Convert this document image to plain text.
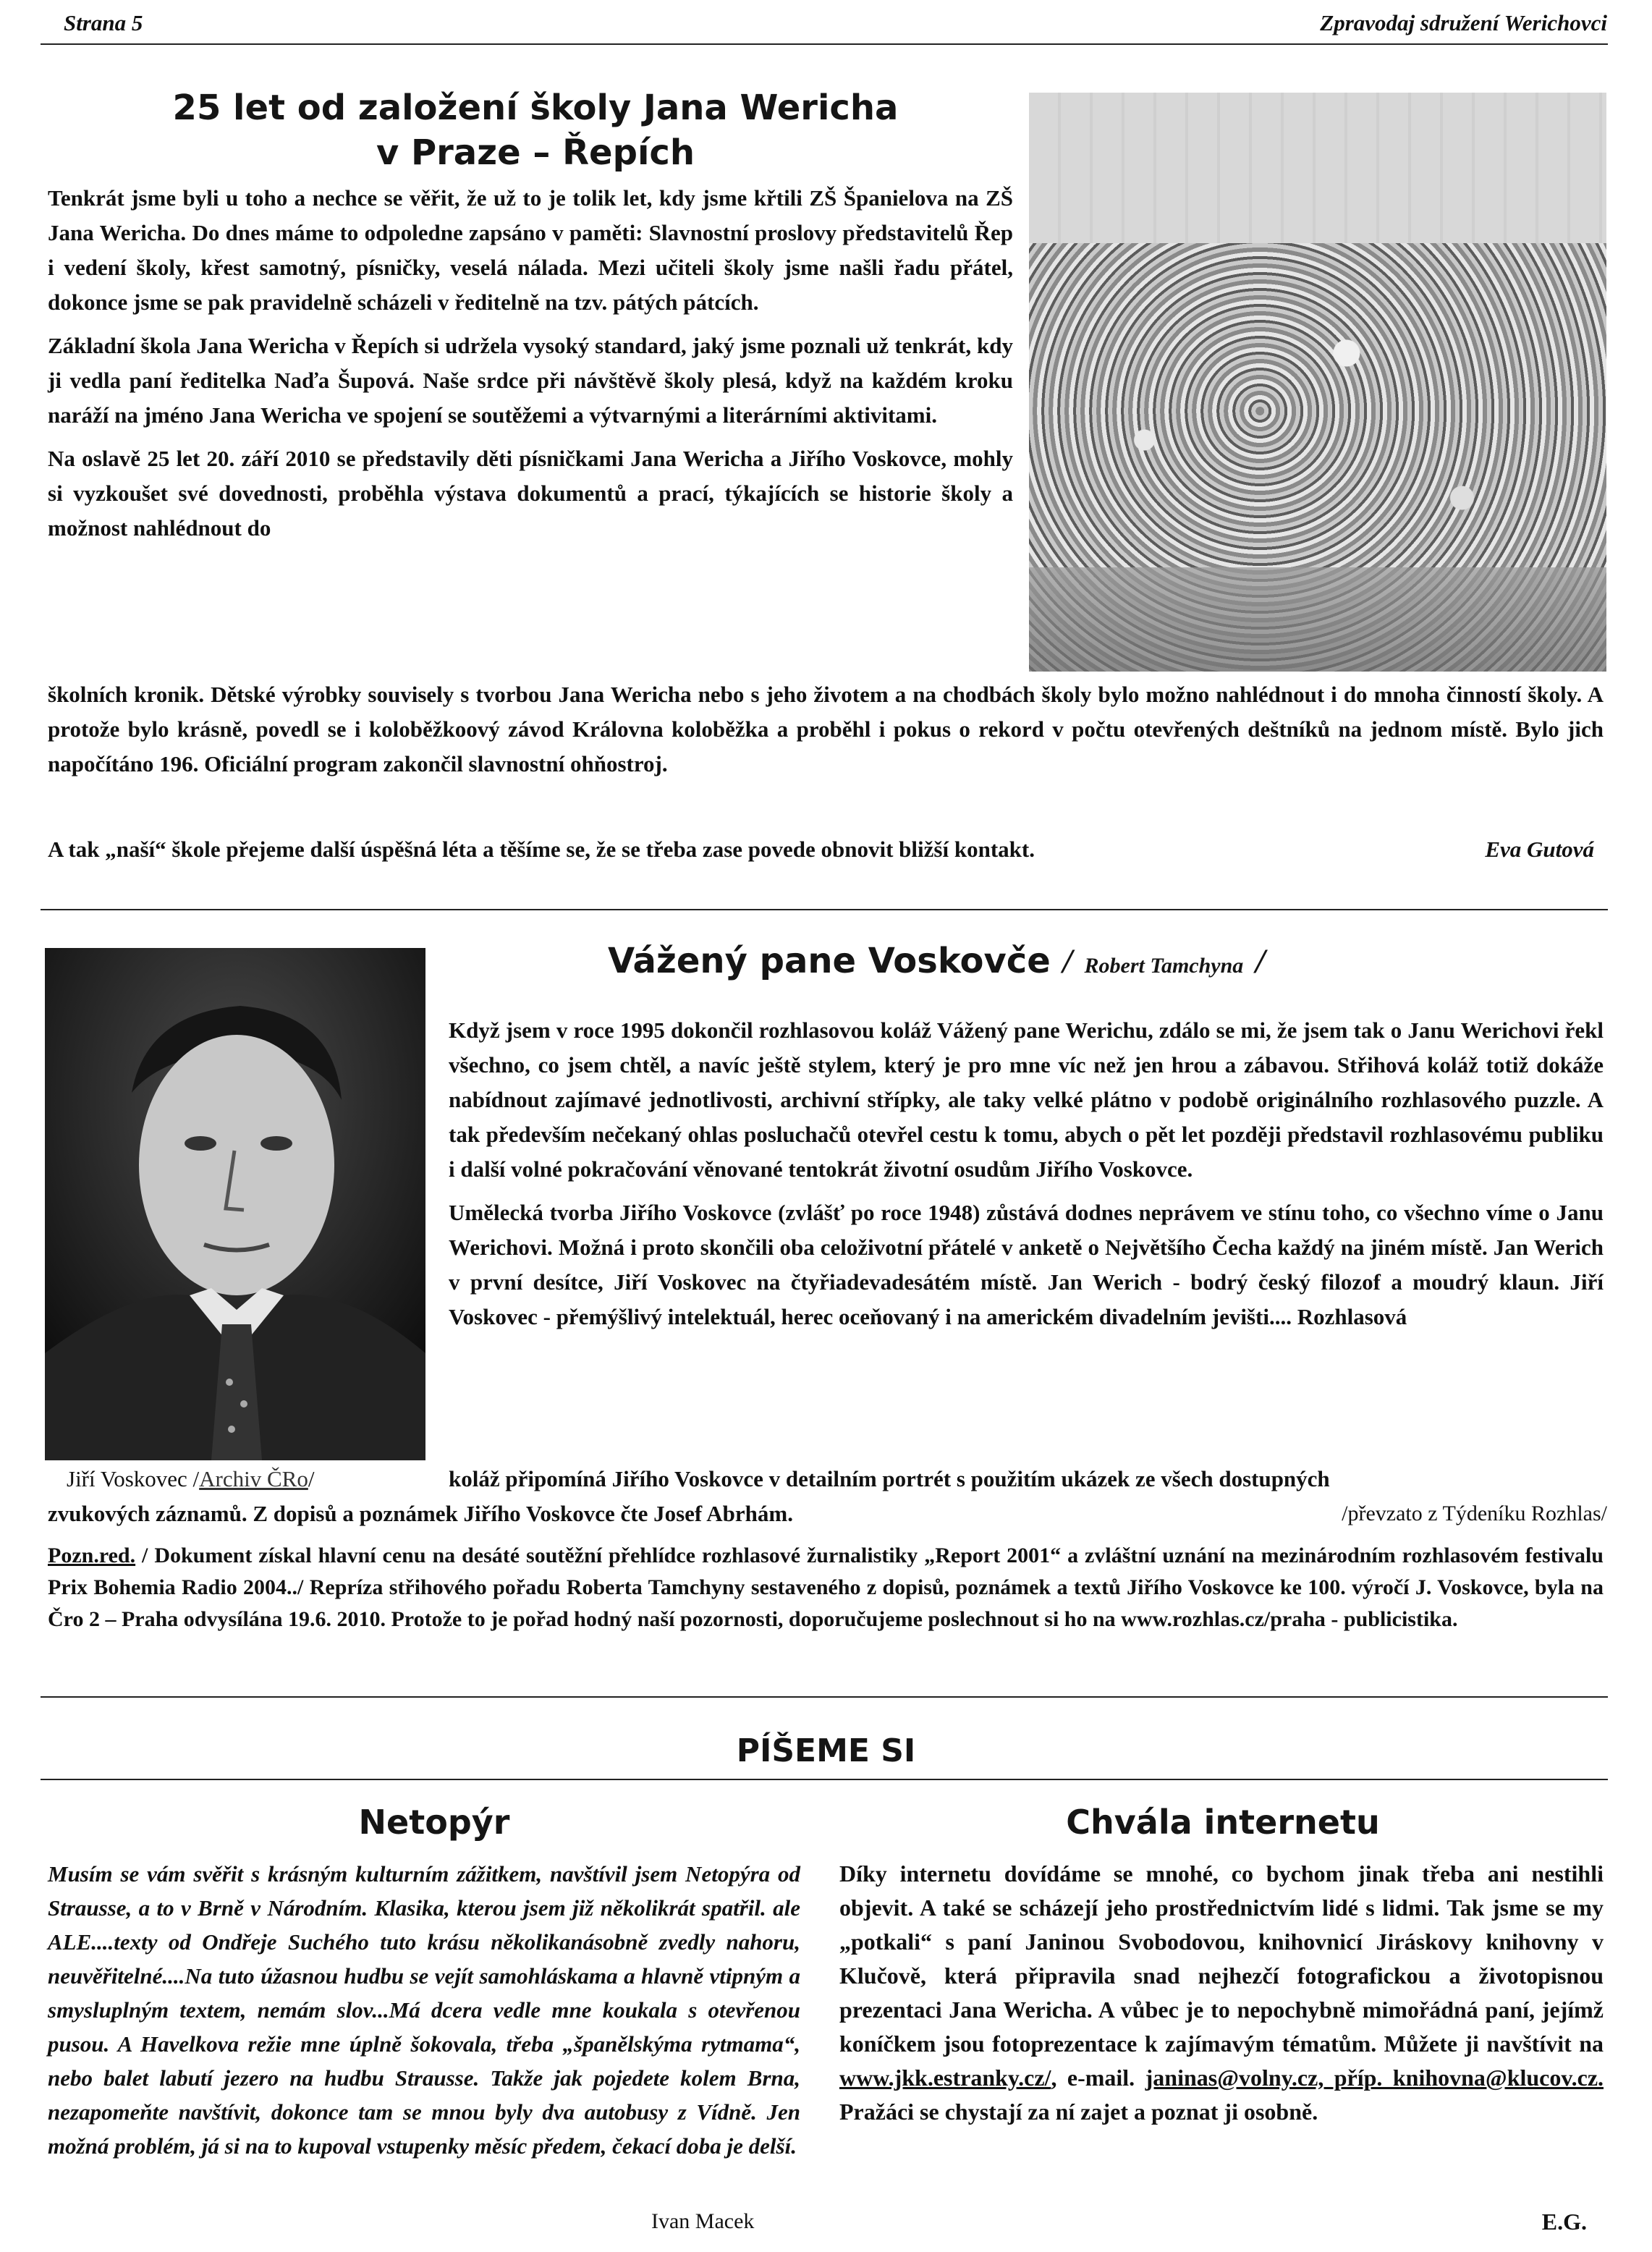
Strana 5	Zpravodaj sdružení Werichovci
25 let od založení školy Jana Wericha
v Praze – Řepích

Tenkrát jsme byli u toho a nechce se věřit, že už to je tolik let, kdy jsme křtili ZŠ Španielova na ZŠ Jana Wericha. Do dnes máme to odpoledne zapsáno v paměti: Slavnostní proslovy představitelů Řep i vedení školy, křest samotný, písničky, veselá nálada. Mezi učiteli školy jsme našli řadu přátel, dokonce jsme se pak pravidelně scházeli v ředitelně na tzv. pátých pátcích.

Základní škola Jana Wericha v Řepích si udržela vysoký standard, jaký jsme poznali už tenkrát, kdy ji vedla paní ředitelka Naďa Šupová. Naše srdce při návštěvě školy plesá, když na každém kroku naráží na jméno Jana Wericha ve spojení se soutěžemi a výtvarnými a literárními aktivitami.

Na oslavě 25 let 20. září 2010 se představily děti písničkami Jana Wericha a Jiřího Voskovce, mohly si vyzkoušet své dovednosti, proběhla výstava dokumentů a prací, týkajících se historie školy a možnost nahlédnout do

školních kronik. Dětské výrobky souvisely s tvorbou Jana Wericha nebo s jeho životem a na chodbách školy bylo možno nahlédnout i do mnoha činností školy. A protože bylo krásně, povedl se i koloběžkoový závod Královna koloběžka a proběhl i pokus o rekord v počtu otevřených deštníků na jednom místě. Bylo jich napočítáno 196. Oficiální program zakončil slavnostní ohňostroj.

A tak „naší“ škole přejeme další úspěšná léta a těšíme se, že se třeba zase povede obnovit bližší kontakt.	Eva Gutová
Vážený pane Voskovče / Robert Tamchyna /

Když jsem v roce 1995 dokončil rozhlasovou koláž Vážený pane Werichu, zdálo se mi, že jsem tak o Janu Werichovi řekl všechno, co jsem chtěl, a navíc ještě stylem, který je pro mne víc než jen hrou a zábavou. Střihová koláž totiž dokáže nabídnout zajímavé jednotlivosti, archivní střípky, ale taky velké plátno v podobě originálního rozhlasového puzzle. A tak především nečekaný ohlas posluchačů otevřel cestu k tomu, abych o pět let později představil rozhlasovému publiku i další volné pokračování věnované tentokrát životní osudům Jiřího Voskovce.

Umělecká tvorba Jiřího Voskovce (zvlášť po roce 1948) zůstává dodnes neprávem ve stínu toho, co všechno víme o Janu Werichovi. Možná i proto skončili oba celoživotní přátelé v anketě o Největšího Čecha každý na jiném místě. Jan Werich v první desítce, Jiří Voskovec na čtyřiadevadesátém místě. Jan Werich - bodrý český filozof a moudrý klaun. Jiří Voskovec - přemýšlivý intelektuál, herec oceňovaný i na americkém divadelním jevišti.... Rozhlasová

Jiří Voskovec /Archiv ČRo/	koláž připomíná Jiřího Voskovce v detailním portrét s použitím ukázek ze všech dostupných
zvukových záznamů. Z dopisů a poznámek Jiřího Voskovce čte Josef Abrhám.	/převzato z Týdeníku Rozhlas/
Pozn.red. / Dokument získal hlavní cenu na desáté soutěžní přehlídce rozhlasové žurnalistiky „Report 2001“ a zvláštní uznání na mezinárodním rozhlasovém festivalu Prix Bohemia Radio 2004../ Repríza střihového pořadu Roberta Tamchyny sestaveného z dopisů, poznámek a textů Jiřího Voskovce ke 100. výročí J. Voskovce, byla na Čro 2 – Praha odvysílána 19.6. 2010. Protože to je pořad hodný naší pozornosti, doporučujeme poslechnout si ho na www.rozhlas.cz/praha - publicistika.
PÍŠEME SI
Netopýr
Musím se vám svěřit s krásným kulturním zážitkem, navštívil jsem Netopýra od Strausse, a to v Brně v Národním. Klasika, kterou jsem již několikrát spatřil. ale ALE....texty od Ondřeje Suchého tuto krásu několikanásobně zvedly nahoru, neuvěřitelné....Na tuto úžasnou hudbu se vejít samohláskama a hlavně vtipným a smysluplným textem, nemám slov...Má dcera vedle mne koukala s otevřenou pusou. A Havelkova režie mne úplně šokovala, třeba „španělskýma rytmama“, nebo balet labutí jezero na hudbu Strausse. Takže jak pojedete kolem Brna, nezapomeňte navštívit, dokonce tam se mnou byly dva autobusy z Vídně. Jen možná problém, já si na to kupoval vstupenky měsíc předem, čekací doba je delší.
Ivan Macek
Chvála internetu
Díky internetu dovídáme se mnohé, co bychom jinak třeba ani nestihli objevit. A také se scházejí jeho prostřednictvím lidé s lidmi. Tak jsme se my „potkali“ s paní Janinou Svobodovou, knihovnicí Jiráskovy knihovny v Klučově, která připravila snad nejhezčí fotografickou a životopisnou prezentaci Jana Wericha. A vůbec je to nepochybně mimořádná paní, jejímž koníčkem jsou fotoprezentace k zajímavým tématům. Můžete ji navštívit na www.jkk.estranky.cz/, e-mail. janinas@volny.cz, příp. knihovna@klucov.cz. Pražáci se chystají za ní zajet a poznat ji osobně.
E.G.
